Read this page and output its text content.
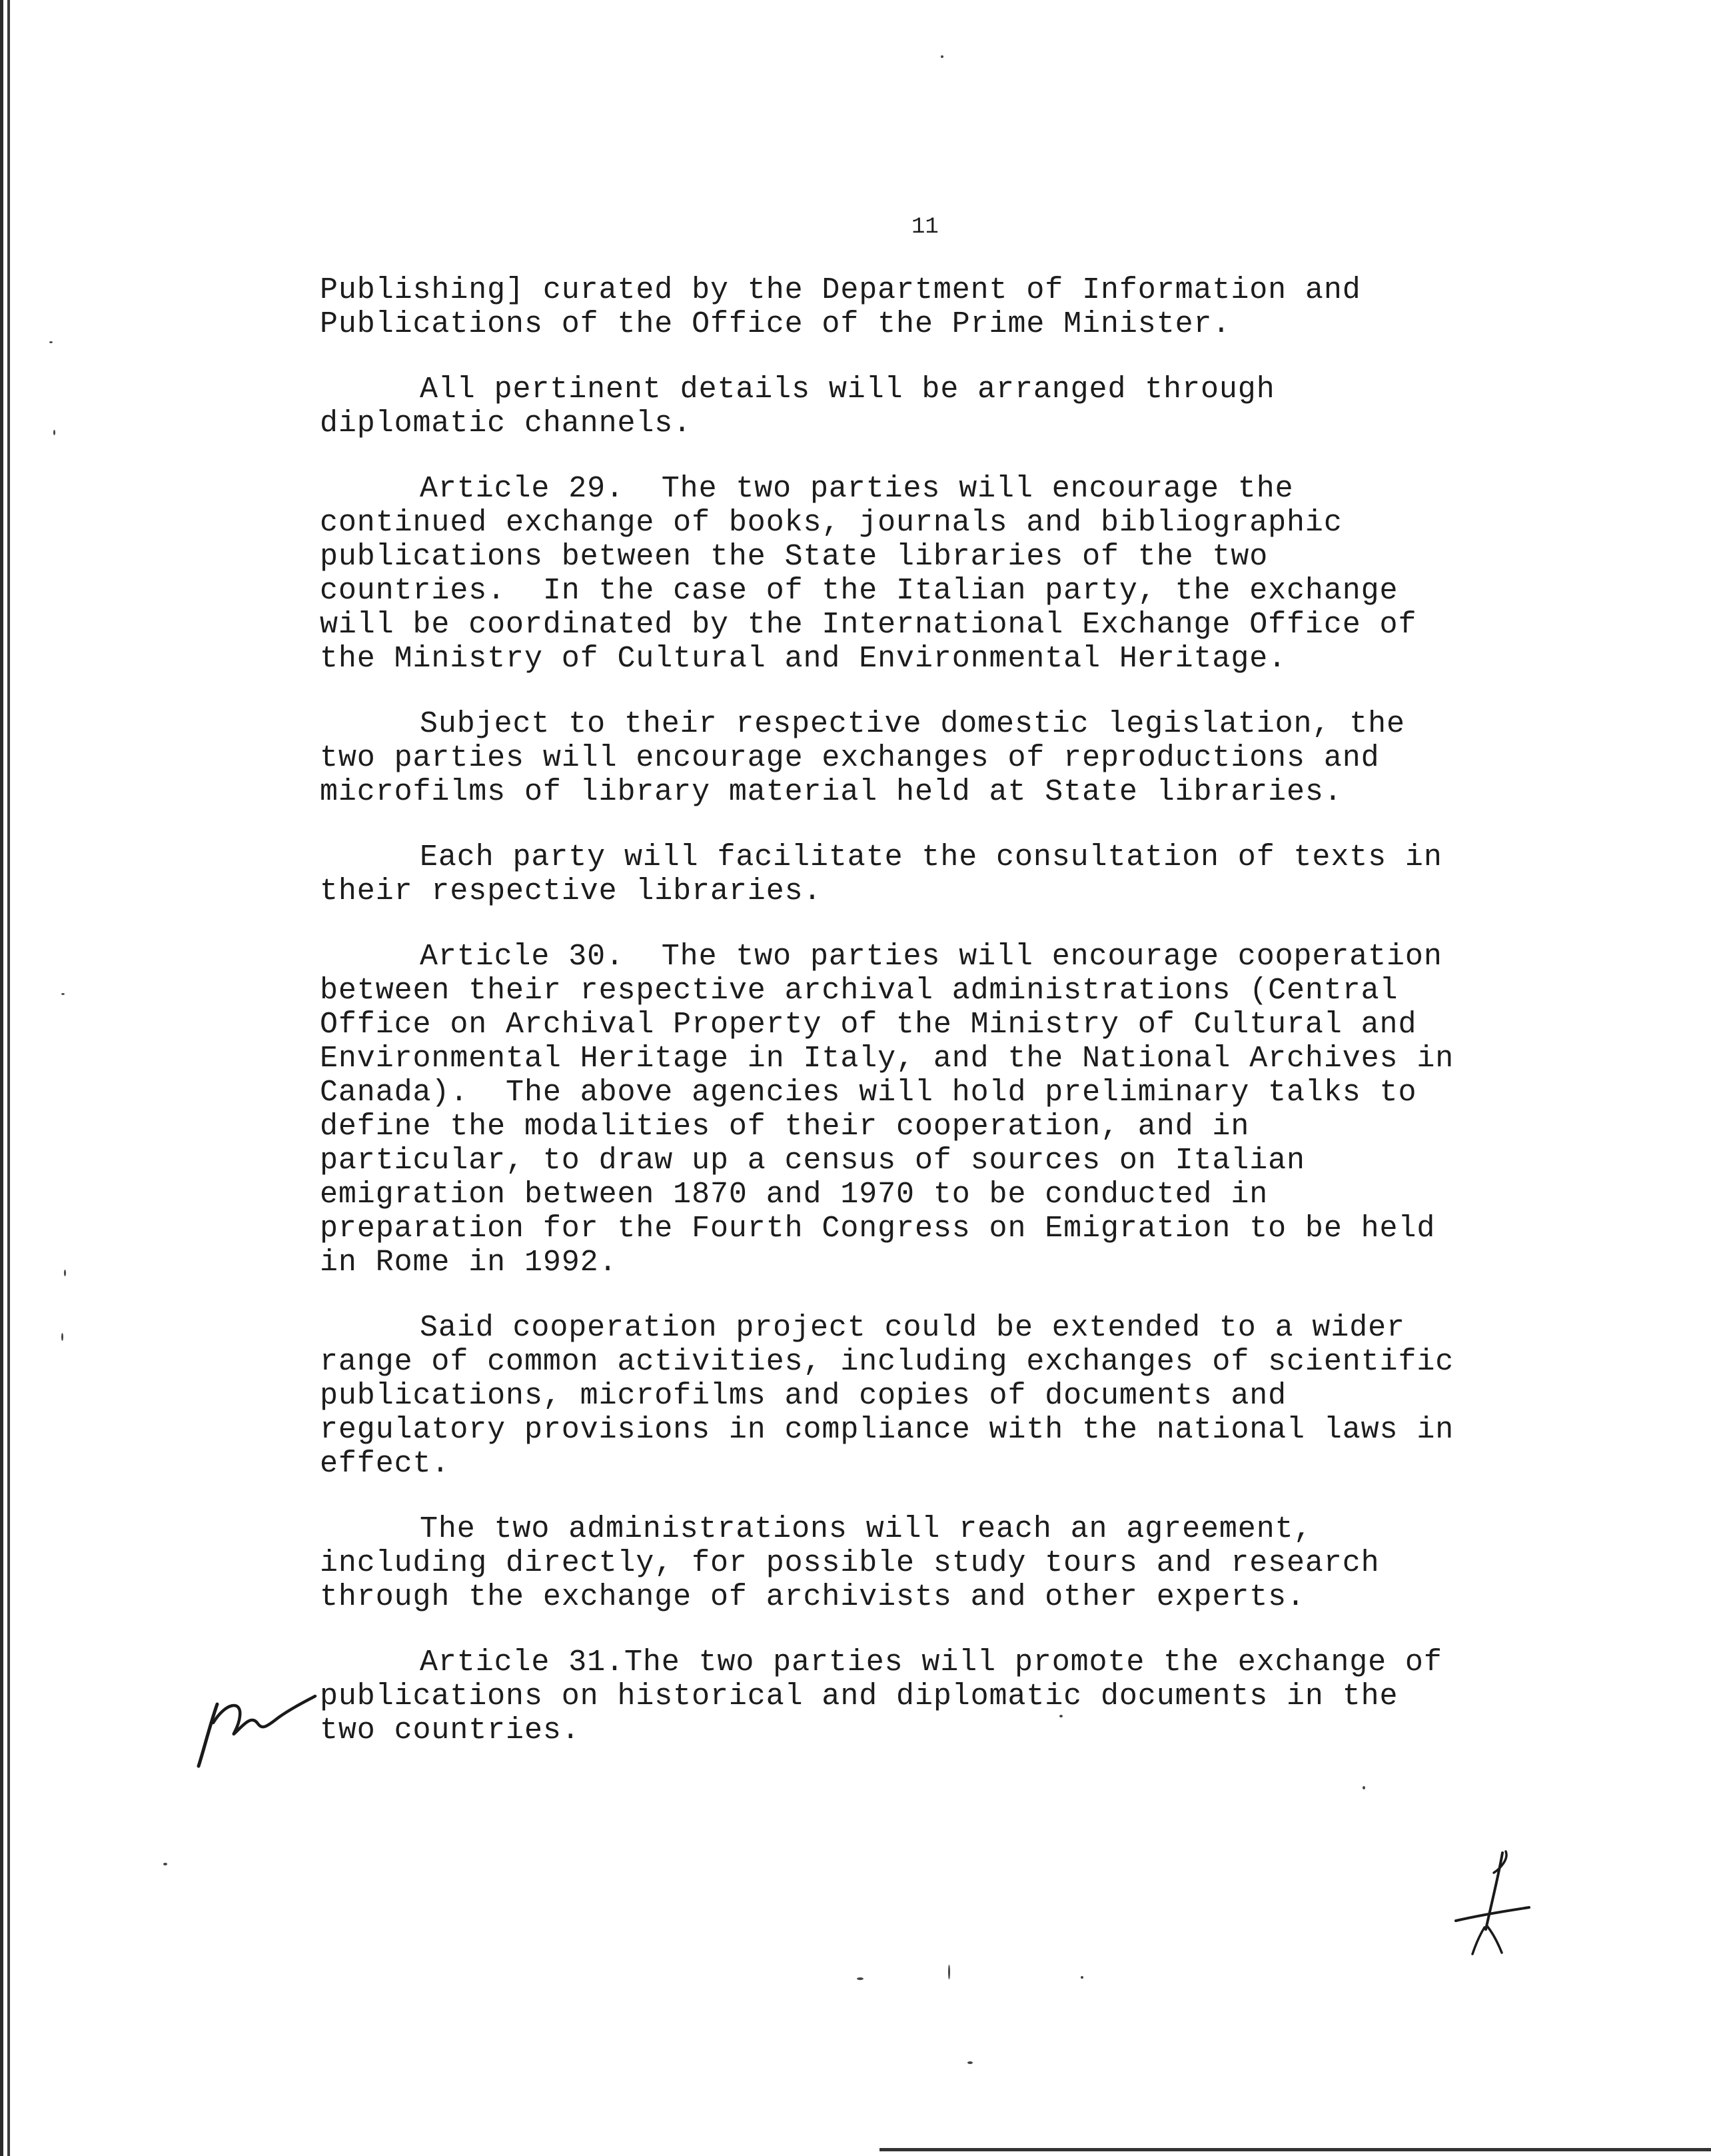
11

Publishing] curated by the Department of Information and
Publications of the Office of the Prime Minister.

All pertinent details will be arranged through
diplomatic channels.

Article 29.  The two parties will encourage the
continued exchange of books, journals and bibliographic
publications between the State libraries of the two
countries.  In the case of the Italian party, the exchange
will be coordinated by the International Exchange Office of
the Ministry of Cultural and Environmental Heritage.

Subject to their respective domestic legislation, the
two parties will encourage exchanges of reproductions and
microfilms of library material held at State libraries.

Each party will facilitate the consultation of texts in
their respective libraries.

Article 30.  The two parties will encourage cooperation
between their respective archival administrations (Central
Office on Archival Property of the Ministry of Cultural and
Environmental Heritage in Italy, and the National Archives in
Canada).  The above agencies will hold preliminary talks to
define the modalities of their cooperation, and in
particular, to draw up a census of sources on Italian
emigration between 1870 and 1970 to be conducted in
preparation for the Fourth Congress on Emigration to be held
in Rome in 1992.

Said cooperation project could be extended to a wider
range of common activities, including exchanges of scientific
publications, microfilms and copies of documents and
regulatory provisions in compliance with the national laws in
effect.

The two administrations will reach an agreement,
including directly, for possible study tours and research
through the exchange of archivists and other experts.

Article 31.The two parties will promote the exchange of
publications on historical and diplomatic documents in the
two countries.
